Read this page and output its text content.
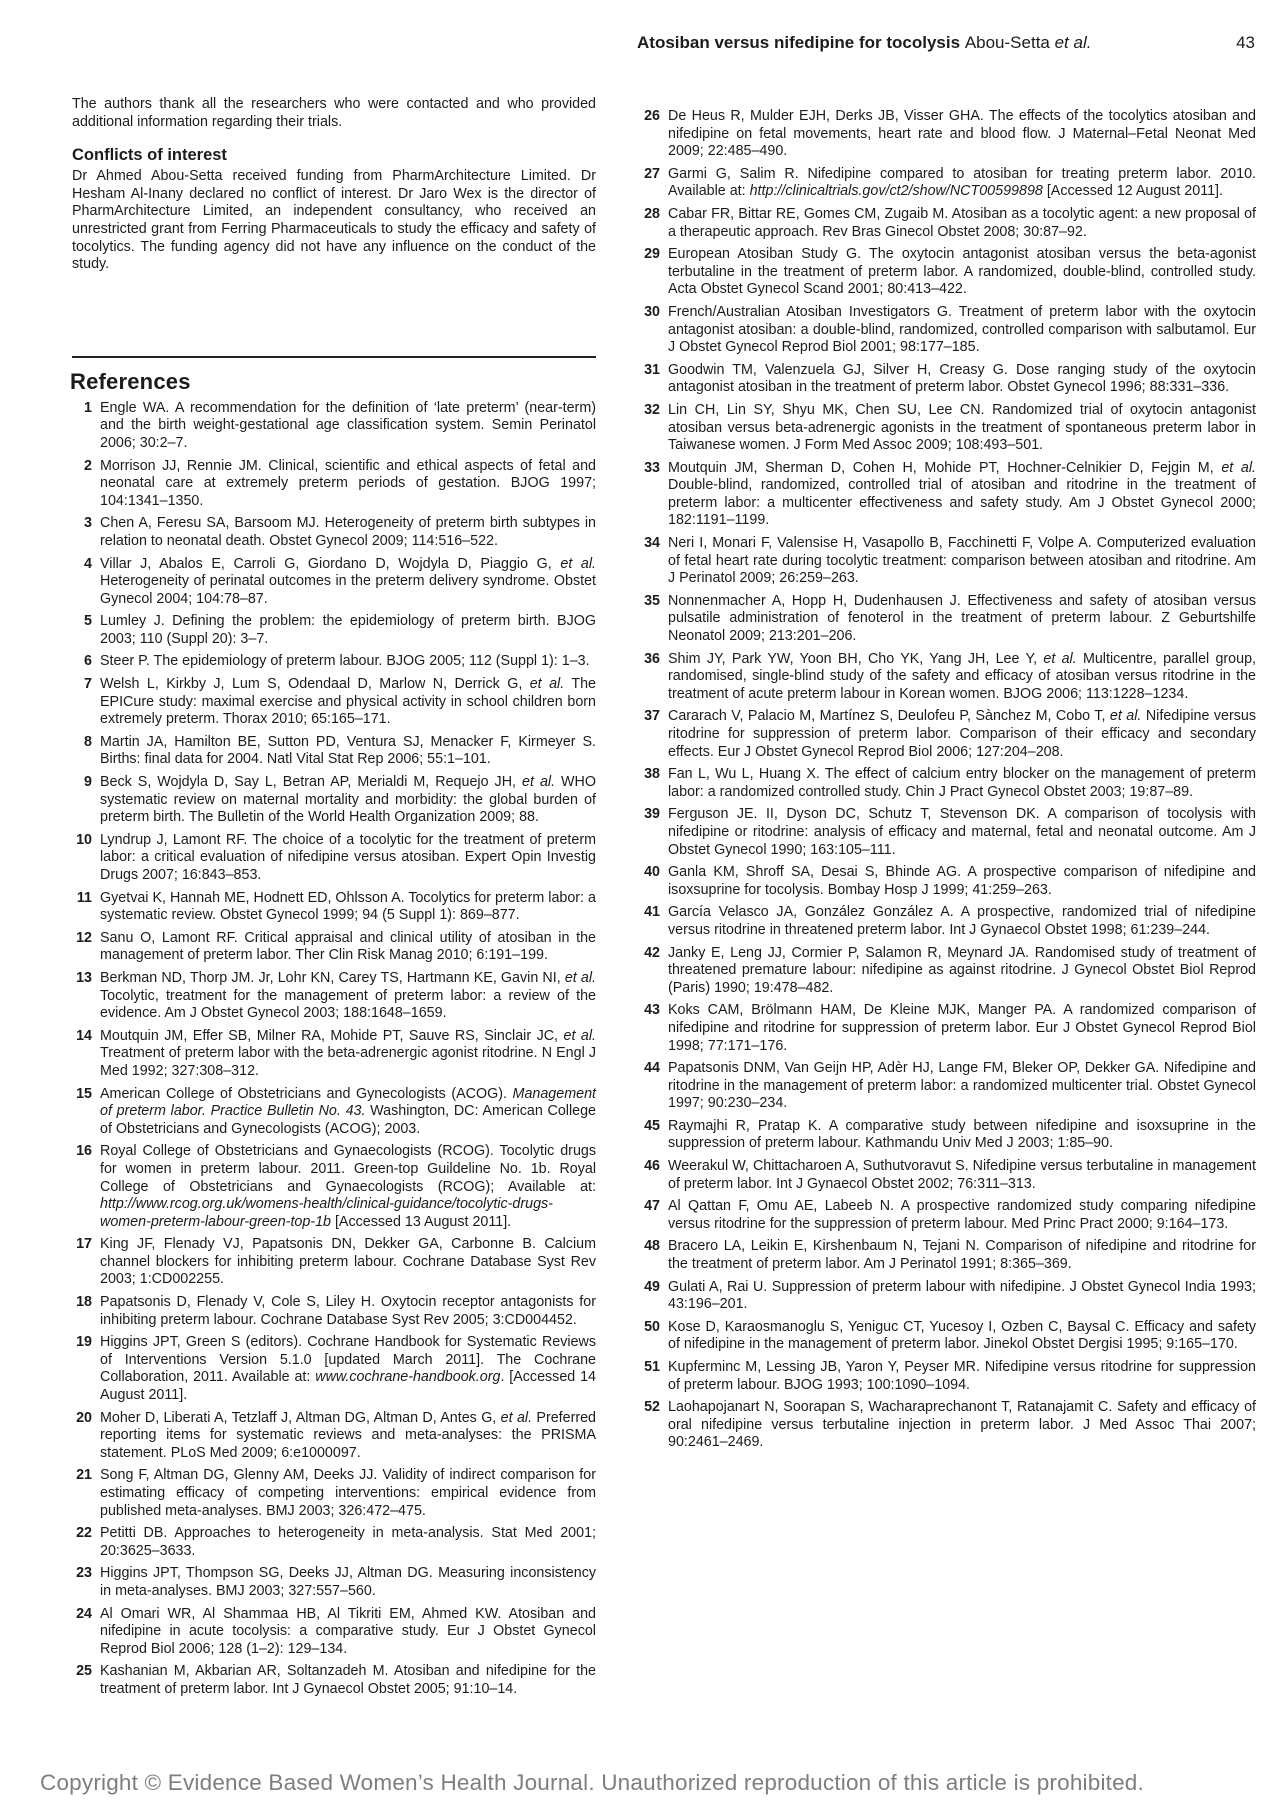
Atosiban versus nifedipine for tocolysis Abou-Setta et al.	43

The authors thank all the researchers who were contacted and who provided additional information regarding their trials.

Conflicts of interest

Dr Ahmed Abou-Setta received funding from PharmArchitecture Limited. Dr Hesham Al-Inany declared no conflict of interest. Dr Jaro Wex is the director of PharmArchitecture Limited, an independent consultancy, who received an unrestricted grant from Ferring Pharmaceuticals to study the efficacy and safety of tocolytics. The funding agency did not have any influence on the conduct of the study.

References
1 Engle WA. A recommendation for the definition of ‘late preterm’ (near-term) and the birth weight-gestational age classification system. Semin Perinatol 2006; 30:2–7.
2 Morrison JJ, Rennie JM. Clinical, scientific and ethical aspects of fetal and neonatal care at extremely preterm periods of gestation. BJOG 1997; 104:1341–1350.
3 Chen A, Feresu SA, Barsoom MJ. Heterogeneity of preterm birth subtypes in relation to neonatal death. Obstet Gynecol 2009; 114:516–522.
4 Villar J, Abalos E, Carroli G, Giordano D, Wojdyla D, Piaggio G, et al. Heterogeneity of perinatal outcomes in the preterm delivery syndrome. Obstet Gynecol 2004; 104:78–87.
5 Lumley J. Defining the problem: the epidemiology of preterm birth. BJOG 2003; 110 (Suppl 20): 3–7.
6 Steer P. The epidemiology of preterm labour. BJOG 2005; 112 (Suppl 1): 1–3.
7 Welsh L, Kirkby J, Lum S, Odendaal D, Marlow N, Derrick G, et al. The EPICure study: maximal exercise and physical activity in school children born extremely preterm. Thorax 2010; 65:165–171.
8 Martin JA, Hamilton BE, Sutton PD, Ventura SJ, Menacker F, Kirmeyer S. Births: final data for 2004. Natl Vital Stat Rep 2006; 55:1–101.
9 Beck S, Wojdyla D, Say L, Betran AP, Merialdi M, Requejo JH, et al. WHO systematic review on maternal mortality and morbidity: the global burden of preterm birth. The Bulletin of the World Health Organization 2009; 88.
10 Lyndrup J, Lamont RF. The choice of a tocolytic for the treatment of preterm labor: a critical evaluation of nifedipine versus atosiban. Expert Opin Investig Drugs 2007; 16:843–853.
11 Gyetvai K, Hannah ME, Hodnett ED, Ohlsson A. Tocolytics for preterm labor: a systematic review. Obstet Gynecol 1999; 94 (5 Suppl 1): 869–877.
12 Sanu O, Lamont RF. Critical appraisal and clinical utility of atosiban in the management of preterm labor. Ther Clin Risk Manag 2010; 6:191–199.
13 Berkman ND, Thorp JM. Jr, Lohr KN, Carey TS, Hartmann KE, Gavin NI, et al. Tocolytic, treatment for the management of preterm labor: a review of the evidence. Am J Obstet Gynecol 2003; 188:1648–1659.
14 Moutquin JM, Effer SB, Milner RA, Mohide PT, Sauve RS, Sinclair JC, et al. Treatment of preterm labor with the beta-adrenergic agonist ritodrine. N Engl J Med 1992; 327:308–312.
15 American College of Obstetricians and Gynecologists (ACOG). Management of preterm labor. Practice Bulletin No. 43. Washington, DC: American College of Obstetricians and Gynecologists (ACOG); 2003.
16 Royal College of Obstetricians and Gynaecologists (RCOG). Tocolytic drugs for women in preterm labour. 2011. Green-top Guildeline No. 1b. Royal College of Obstetricians and Gynaecologists (RCOG); Available at: http://www.rcog.org.uk/womens-health/clinical-guidance/tocolytic-drugs-women-preterm-labour-green-top-1b [Accessed 13 August 2011].
17 King JF, Flenady VJ, Papatsonis DN, Dekker GA, Carbonne B. Calcium channel blockers for inhibiting preterm labour. Cochrane Database Syst Rev 2003; 1:CD002255.
18 Papatsonis D, Flenady V, Cole S, Liley H. Oxytocin receptor antagonists for inhibiting preterm labour. Cochrane Database Syst Rev 2005; 3:CD004452.
19 Higgins JPT, Green S (editors). Cochrane Handbook for Systematic Reviews of Interventions Version 5.1.0 [updated March 2011]. The Cochrane Collaboration, 2011. Available at: www.cochrane-handbook.org. [Accessed 14 August 2011].
20 Moher D, Liberati A, Tetzlaff J, Altman DG, Altman D, Antes G, et al. Preferred reporting items for systematic reviews and meta-analyses: the PRISMA statement. PLoS Med 2009; 6:e1000097.
21 Song F, Altman DG, Glenny AM, Deeks JJ. Validity of indirect comparison for estimating efficacy of competing interventions: empirical evidence from published meta-analyses. BMJ 2003; 326:472–475.
22 Petitti DB. Approaches to heterogeneity in meta-analysis. Stat Med 2001; 20:3625–3633.
23 Higgins JPT, Thompson SG, Deeks JJ, Altman DG. Measuring inconsistency in meta-analyses. BMJ 2003; 327:557–560.
24 Al Omari WR, Al Shammaa HB, Al Tikriti EM, Ahmed KW. Atosiban and nifedipine in acute tocolysis: a comparative study. Eur J Obstet Gynecol Reprod Biol 2006; 128 (1–2): 129–134.
25 Kashanian M, Akbarian AR, Soltanzadeh M. Atosiban and nifedipine for the treatment of preterm labor. Int J Gynaecol Obstet 2005; 91:10–14.
26 De Heus R, Mulder EJH, Derks JB, Visser GHA. The effects of the tocolytics atosiban and nifedipine on fetal movements, heart rate and blood flow. J Maternal–Fetal Neonat Med 2009; 22:485–490.
27 Garmi G, Salim R. Nifedipine compared to atosiban for treating preterm labor. 2010. Available at: http://clinicaltrials.gov/ct2/show/NCT00599898 [Accessed 12 August 2011].
28 Cabar FR, Bittar RE, Gomes CM, Zugaib M. Atosiban as a tocolytic agent: a new proposal of a therapeutic approach. Rev Bras Ginecol Obstet 2008; 30:87–92.
29 European Atosiban Study G. The oxytocin antagonist atosiban versus the beta-agonist terbutaline in the treatment of preterm labor. A randomized, double-blind, controlled study. Acta Obstet Gynecol Scand 2001; 80:413–422.
30 French/Australian Atosiban Investigators G. Treatment of preterm labor with the oxytocin antagonist atosiban: a double-blind, randomized, controlled comparison with salbutamol. Eur J Obstet Gynecol Reprod Biol 2001; 98:177–185.
31 Goodwin TM, Valenzuela GJ, Silver H, Creasy G. Dose ranging study of the oxytocin antagonist atosiban in the treatment of preterm labor. Obstet Gynecol 1996; 88:331–336.
32 Lin CH, Lin SY, Shyu MK, Chen SU, Lee CN. Randomized trial of oxytocin antagonist atosiban versus beta-adrenergic agonists in the treatment of spontaneous preterm labor in Taiwanese women. J Form Med Assoc 2009; 108:493–501.
33 Moutquin JM, Sherman D, Cohen H, Mohide PT, Hochner-Celnikier D, Fejgin M, et al. Double-blind, randomized, controlled trial of atosiban and ritodrine in the treatment of preterm labor: a multicenter effectiveness and safety study. Am J Obstet Gynecol 2000; 182:1191–1199.
34 Neri I, Monari F, Valensise H, Vasapollo B, Facchinetti F, Volpe A. Computerized evaluation of fetal heart rate during tocolytic treatment: comparison between atosiban and ritodrine. Am J Perinatol 2009; 26:259–263.
35 Nonnenmacher A, Hopp H, Dudenhausen J. Effectiveness and safety of atosiban versus pulsatile administration of fenoterol in the treatment of preterm labour. Z Geburtshilfe Neonatol 2009; 213:201–206.
36 Shim JY, Park YW, Yoon BH, Cho YK, Yang JH, Lee Y, et al. Multicentre, parallel group, randomised, single-blind study of the safety and efficacy of atosiban versus ritodrine in the treatment of acute preterm labour in Korean women. BJOG 2006; 113:1228–1234.
37 Cararach V, Palacio M, Martínez S, Deulofeu P, Sànchez M, Cobo T, et al. Nifedipine versus ritodrine for suppression of preterm labor. Comparison of their efficacy and secondary effects. Eur J Obstet Gynecol Reprod Biol 2006; 127:204–208.
38 Fan L, Wu L, Huang X. The effect of calcium entry blocker on the management of preterm labor: a randomized controlled study. Chin J Pract Gynecol Obstet 2003; 19:87–89.
39 Ferguson JE. II, Dyson DC, Schutz T, Stevenson DK. A comparison of tocolysis with nifedipine or ritodrine: analysis of efficacy and maternal, fetal and neonatal outcome. Am J Obstet Gynecol 1990; 163:105–111.
40 Ganla KM, Shroff SA, Desai S, Bhinde AG. A prospective comparison of nifedipine and isoxsuprine for tocolysis. Bombay Hosp J 1999; 41:259–263.
41 García Velasco JA, González González A. A prospective, randomized trial of nifedipine versus ritodrine in threatened preterm labor. Int J Gynaecol Obstet 1998; 61:239–244.
42 Janky E, Leng JJ, Cormier P, Salamon R, Meynard JA. Randomised study of treatment of threatened premature labour: nifedipine as against ritodrine. J Gynecol Obstet Biol Reprod (Paris) 1990; 19:478–482.
43 Koks CAM, Brölmann HAM, De Kleine MJK, Manger PA. A randomized comparison of nifedipine and ritodrine for suppression of preterm labor. Eur J Obstet Gynecol Reprod Biol 1998; 77:171–176.
44 Papatsonis DNM, Van Geijn HP, Adèr HJ, Lange FM, Bleker OP, Dekker GA. Nifedipine and ritodrine in the management of preterm labor: a randomized multicenter trial. Obstet Gynecol 1997; 90:230–234.
45 Raymajhi R, Pratap K. A comparative study between nifedipine and isoxsuprine in the suppression of preterm labour. Kathmandu Univ Med J 2003; 1:85–90.
46 Weerakul W, Chittacharoen A, Suthutvoravut S. Nifedipine versus terbutaline in management of preterm labor. Int J Gynaecol Obstet 2002; 76:311–313.
47 Al Qattan F, Omu AE, Labeeb N. A prospective randomized study comparing nifedipine versus ritodrine for the suppression of preterm labour. Med Princ Pract 2000; 9:164–173.
48 Bracero LA, Leikin E, Kirshenbaum N, Tejani N. Comparison of nifedipine and ritodrine for the treatment of preterm labor. Am J Perinatol 1991; 8:365–369.
49 Gulati A, Rai U. Suppression of preterm labour with nifedipine. J Obstet Gynecol India 1993; 43:196–201.
50 Kose D, Karaosmanoglu S, Yeniguc CT, Yucesoy I, Ozben C, Baysal C. Efficacy and safety of nifedipine in the management of preterm labor. Jinekol Obstet Dergisi 1995; 9:165–170.
51 Kupferminc M, Lessing JB, Yaron Y, Peyser MR. Nifedipine versus ritodrine for suppression of preterm labour. BJOG 1993; 100:1090–1094.
52 Laohapojanart N, Soorapan S, Wacharaprechanont T, Ratanajamit C. Safety and efficacy of oral nifedipine versus terbutaline injection in preterm labor. J Med Assoc Thai 2007; 90:2461–2469.
Copyright © Evidence Based Women’s Health Journal. Unauthorized reproduction of this article is prohibited.
